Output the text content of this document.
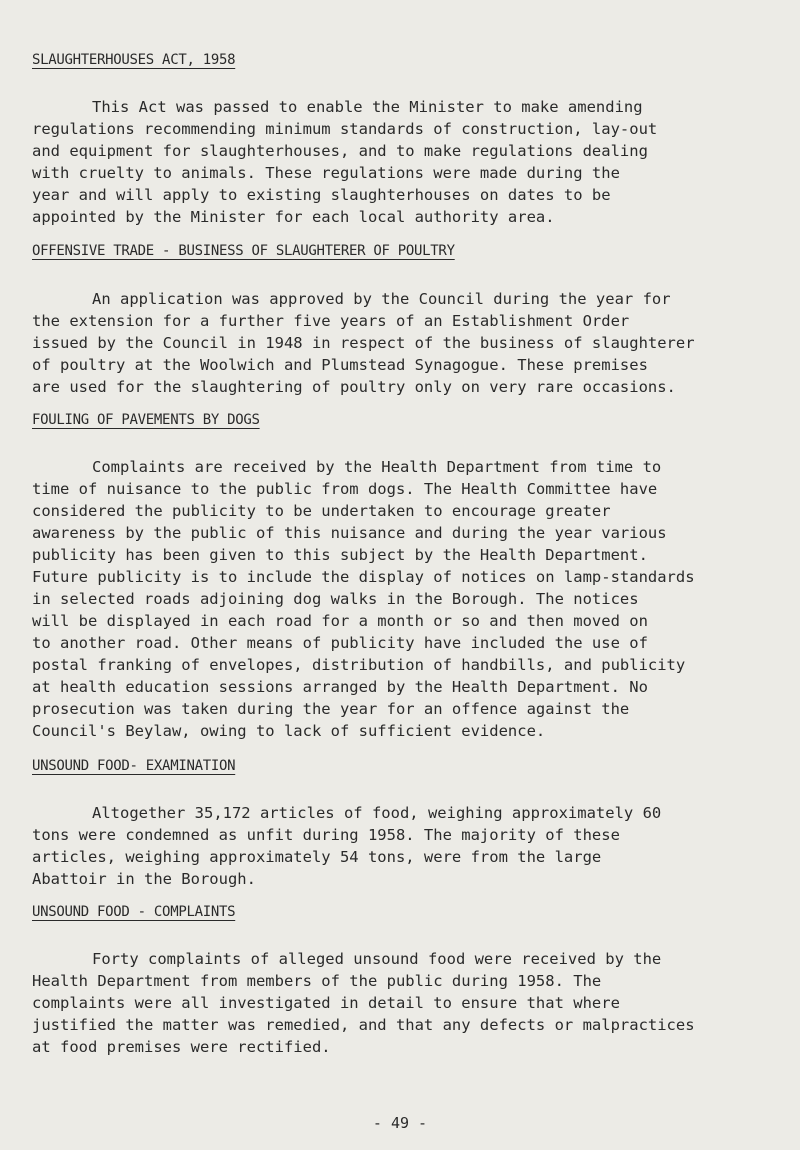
SLAUGHTERHOUSES ACT, 1958
This Act was passed to enable the Minister to make amending
regulations recommending minimum standards of construction, lay-out
and equipment for slaughterhouses, and to make regulations dealing
with cruelty to animals. These regulations were made during the
year and will apply to existing slaughterhouses on dates to be
appointed by the Minister for each local authority area.
OFFENSIVE TRADE - BUSINESS OF SLAUGHTERER OF POULTRY
An application was approved by the Council during the year for
the extension for a further five years of an Establishment Order
issued by the Council in 1948 in respect of the business of slaughterer
of poultry at the Woolwich and Plumstead Synagogue. These premises
are used for the slaughtering of poultry only on very rare occasions.
FOULING OF PAVEMENTS BY DOGS
Complaints are received by the Health Department from time to
time of nuisance to the public from dogs. The Health Committee have
considered the publicity to be undertaken to encourage greater
awareness by the public of this nuisance and during the year various
publicity has been given to this subject by the Health Department.
Future publicity is to include the display of notices on lamp-standards
in selected roads adjoining dog walks in the Borough. The notices
will be displayed in each road for a month or so and then moved on
to another road. Other means of publicity have included the use of
postal franking of envelopes, distribution of handbills, and publicity
at health education sessions arranged by the Health Department. No
prosecution was taken during the year for an offence against the
Council's Beylaw, owing to lack of sufficient evidence.
UNSOUND FOOD- EXAMINATION
Altogether 35,172 articles of food, weighing approximately 60
tons were condemned as unfit during 1958. The majority of these
articles, weighing approximately 54 tons, were from the large
Abattoir in the Borough.
UNSOUND FOOD - COMPLAINTS
Forty complaints of alleged unsound food were received by the
Health Department from members of the public during 1958. The
complaints were all investigated in detail to ensure that where
justified the matter was remedied, and that any defects or malpractices
at food premises were rectified.
- 49 -
